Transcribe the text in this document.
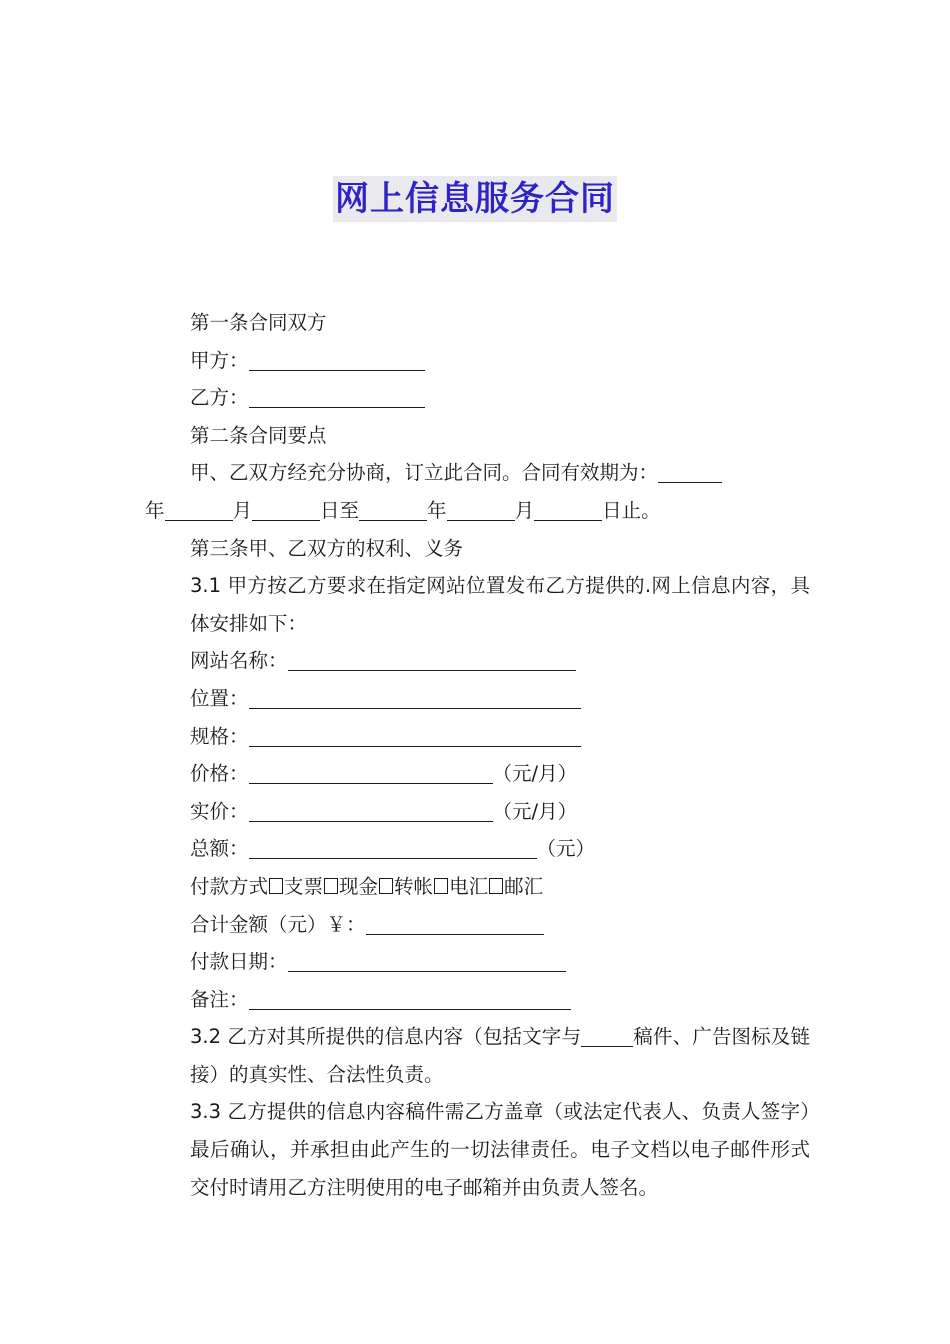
网上信息服务合同

第一条合同双方

甲方：

乙方：

第二条合同要点

甲、乙双方经充分协商，订立此合同。合同有效期为：

年	月	日至	年	月	日止。

第三条甲、乙双方的权利、义务

3.1 甲方按乙方要求在指定网站位置发布乙方提供的.网上信息内容，具体安排如下：

网站名称：

位置：

规格：

价格：	（元/月）

实价：	（元/月）

总额：	（元）

付款方式 支票 现金 转帐 电汇 邮汇

合计金额（元）￥：

付款日期：

备注：

3.2 乙方对其所提供的信息内容（包括文字与	稿件、广告图标及链接）的真实性、合法性负责。

3.3 乙方提供的信息内容稿件需乙方盖章（或法定代表人、负责人签字）最后确认，并承担由此产生的一切法律责任。电子文档以电子邮件形式交付时请用乙方注明使用的电子邮箱并由负责人签名。
